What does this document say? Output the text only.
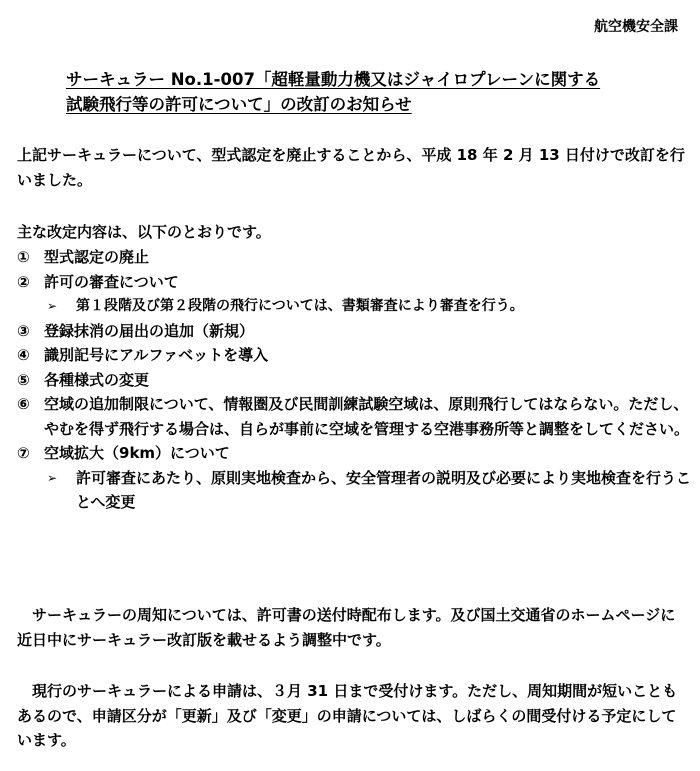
航空機安全課
サーキュラー No.1-007「超軽量動力機又はジャイロプレーンに関する
試験飛行等の許可について」の改訂のお知らせ
上記サーキュラーについて、型式認定を廃止することから、平成 18 年 2 月 13 日付けで改訂を行いました。
主な改定内容は、以下のとおりです。
① 型式認定の廃止
② 許可の審査について
➢	第１段階及び第２段階の飛行については、書類審査により審査を行う。
③ 登録抹消の届出の追加（新規）
④ 識別記号にアルファベットを導入
⑤ 各種様式の変更
⑥ 空域の追加制限について、情報圏及び民間訓練試験空域は、原則飛行してはならない。ただし、やむを得ず飛行する場合は、自らが事前に空域を管理する空港事務所等と調整をしてください。
⑦ 空域拡大（9km）について
➢	許可審査にあたり、原則実地検査から、安全管理者の説明及び必要により実地検査を行うことへ変更
サーキュラーの周知については、許可書の送付時配布します。及び国土交通省のホームページに近日中にサーキュラー改訂版を載せるよう調整中です。
現行のサーキュラーによる申請は、３月 31 日まで受付けます。ただし、周知期間が短いこともあるので、申請区分が「更新」及び「変更」の申請については、しばらくの間受付ける予定にしています。
